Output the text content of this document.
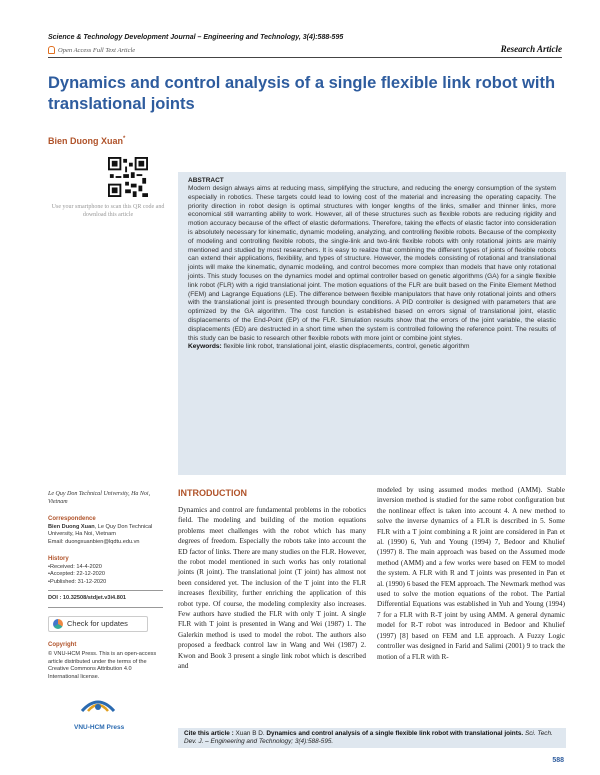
Science & Technology Development Journal – Engineering and Technology, 3(4):588-595
Open Access Full Text Article	Research Article
Dynamics and control analysis of a single flexible link robot with translational joints
Bien Duong Xuan*
Use your smartphone to scan this QR code and download this article
ABSTRACT

Modern design always aims at reducing mass, simplifying the structure, and reducing the energy consumption of the system especially in robotics. These targets could lead to lowing cost of the material and increasing the operating capacity. The priority direction in robot design is optimal structures with longer lengths of the links, smaller and thinner links, more economical still warranting ability to work. However, all of these structures such as flexible robots are reducing rigidity and motion accuracy because of the effect of elastic deformations. Therefore, taking the effects of elastic factor into consideration is absolutely necessary for kinematic, dynamic modeling, analyzing, and controlling flexible robots. Because of the complexity of modeling and controlling flexible robots, the single-link and two-link flexible robots with only rotational joints are mainly mentioned and studied by most researchers. It is easy to realize that combining the different types of joints of flexible robots can extend their applications, flexibility, and types of structure. However, the models consisting of rotational and translational joints will make the kinematic, dynamic modeling, and control becomes more complex than models that have only rotational joints. This study focuses on the dynamics model and optimal controller based on genetic algorithms (GA) for a single flexible link robot (FLR) with a rigid translational joint. The motion equations of the FLR are built based on the Finite Element Method (FEM) and Lagrange Equations (LE). The difference between flexible manipulators that have only rotational joints and others with the translational joint is presented through boundary conditions. A PID controller is designed with parameters that are optimized by the GA algorithm. The cost function is established based on errors signal of translational joint, elastic displacements of the End-Point (EP) of the FLR. Simulation results show that the errors of the joint variable, the elastic displacements (ED) are destructed in a short time when the system is controlled following the reference point. The results of this study can be basic to research other flexible robots with more joint or combine joint styles.
Keywords: flexible link robot, translational joint, elastic displacements, control, genetic algorithm

Le Quy Don Technical University, Ha Noi, Vietnam
Correspondence
Bien Duong Xuan, Le Quy Don Technical University, Ha Noi, Vietnam
Email: duongxuanbien@lqdtu.edu.vn
History
• Received: 14-4-2020
• Accepted: 22-12-2020
• Published: 31-12-2020
DOI : 10.32508/stdjet.v3i4.801
Check for updates
Copyright
© VNU-HCM Press. This is an open-access article distributed under the terms of the Creative Commons Attribution 4.0 International license.
VNU-HCM Press
INTRODUCTION

Dynamics and control are fundamental problems in the robotics field. The modeling and building of the motion equations problems meet challenges with the robot which has many degrees of freedom. Especially the robots take into account the ED factor of links. There are many studies on the FLR. However, the robot model mentioned in such works has only rotational joints (R joint). The translational joint (T joint) has almost not been considered yet. The inclusion of the T joint into the FLR increases flexibility, further enriching the application of this robot type. Of course, the modeling complexity also increases. Few authors have studied the FLR with only T joint. A single FLR with T joint is presented in Wang and Wei (1987) 1. The Galerkin method is used to model the robot. The authors also proposed a feedback control law in Wang and Wei (1987) 2. Kwon and Book 3 present a single link robot which is described and

modeled by using assumed modes method (AMM). Stable inversion method is studied for the same robot configuration but the nonlinear effect is taken into account 4. A new method to solve the inverse dynamics of a FLR is described in 5. Some FLR with a T joint combining a R joint are considered in Pan et al. (1990) 6, Yuh and Young (1994) 7, Bedoor and Khulief (1997) 8. The main approach was based on the Assumed mode method (AMM) and a few works were based on FEM to model the system. A FLR with R and T joints was presented in Pan et al. (1990) 6 based the FEM approach. The Newmark method was used to solve the motion equations of the robot. The Partial Differential Equations was established in Yuh and Young (1994) 7 for a FLR with R-T joint by using AMM. A general dynamic model for R-T robot was introduced in Bedoor and Khulief (1997) [8] based on FEM and LE approach. A Fuzzy Logic controller was designed in Farid and Salimi (2001) 9 to track the motion of a FLR with R-

Cite this article : Xuan B D. Dynamics and control analysis of a single flexible link robot with translational joints. Sci. Tech. Dev. J. – Engineering and Technology; 3(4):588-595.
588
